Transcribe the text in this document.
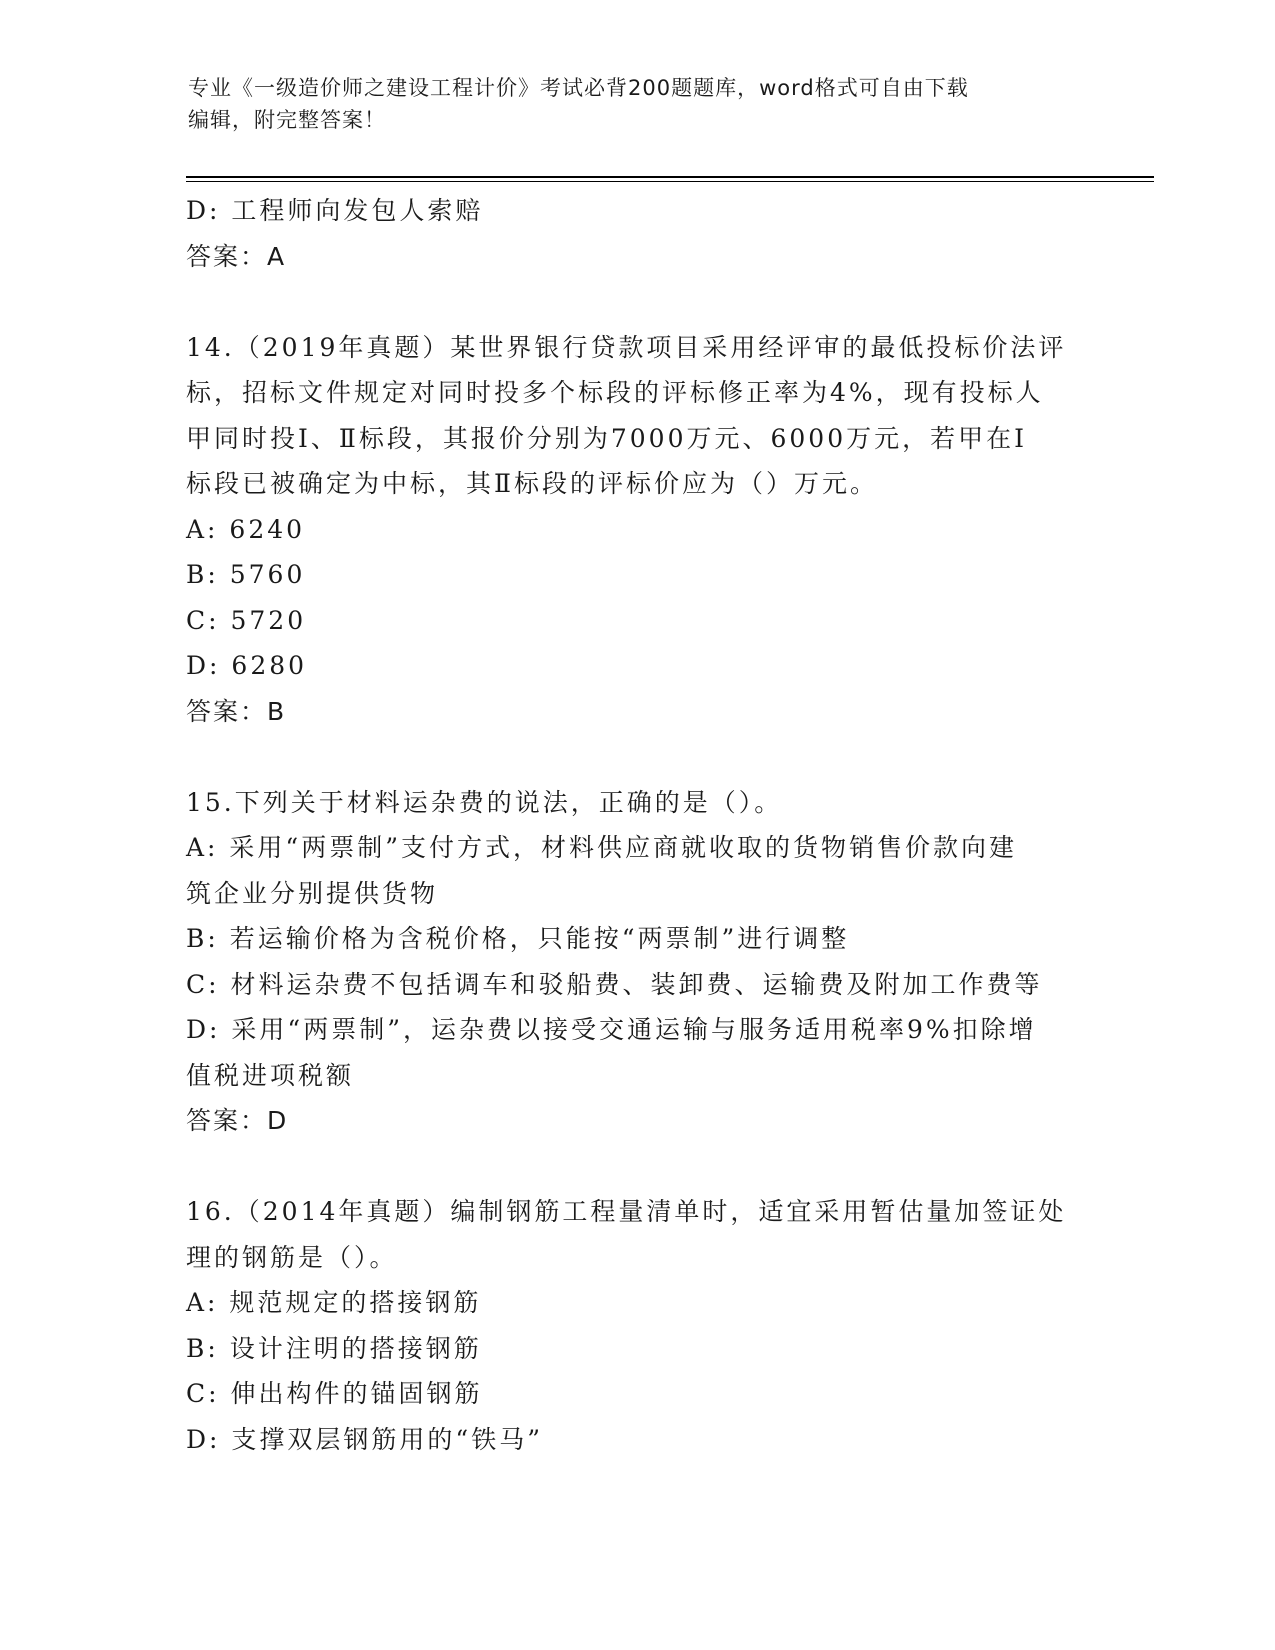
专业《一级造价师之建设工程计价》考试必背200题题库，word格式可自由下载
编辑，附完整答案！
D: 工程师向发包人索赔
答案：A
14.（2019年真题）某世界银行贷款项目采用经评审的最低投标价法评
标，招标文件规定对同时投多个标段的评标修正率为4%，现有投标人
甲同时投Ⅰ、Ⅱ标段，其报价分别为7000万元、6000万元，若甲在Ⅰ
标段已被确定为中标，其Ⅱ标段的评标价应为（）万元。
A: 6240
B: 5760
C: 5720
D: 6280
答案：B
15.下列关于材料运杂费的说法，正确的是（）。
A: 采用“两票制”支付方式，材料供应商就收取的货物销售价款向建
筑企业分别提供货物
B: 若运输价格为含税价格，只能按“两票制”进行调整
C: 材料运杂费不包括调车和驳船费、装卸费、运输费及附加工作费等
D: 采用“两票制”，运杂费以接受交通运输与服务适用税率9%扣除增
值税进项税额
答案：D
16.（2014年真题）编制钢筋工程量清单时，适宜采用暂估量加签证处
理的钢筋是（）。
A: 规范规定的搭接钢筋
B: 设计注明的搭接钢筋
C: 伸出构件的锚固钢筋
D: 支撑双层钢筋用的“铁马”
